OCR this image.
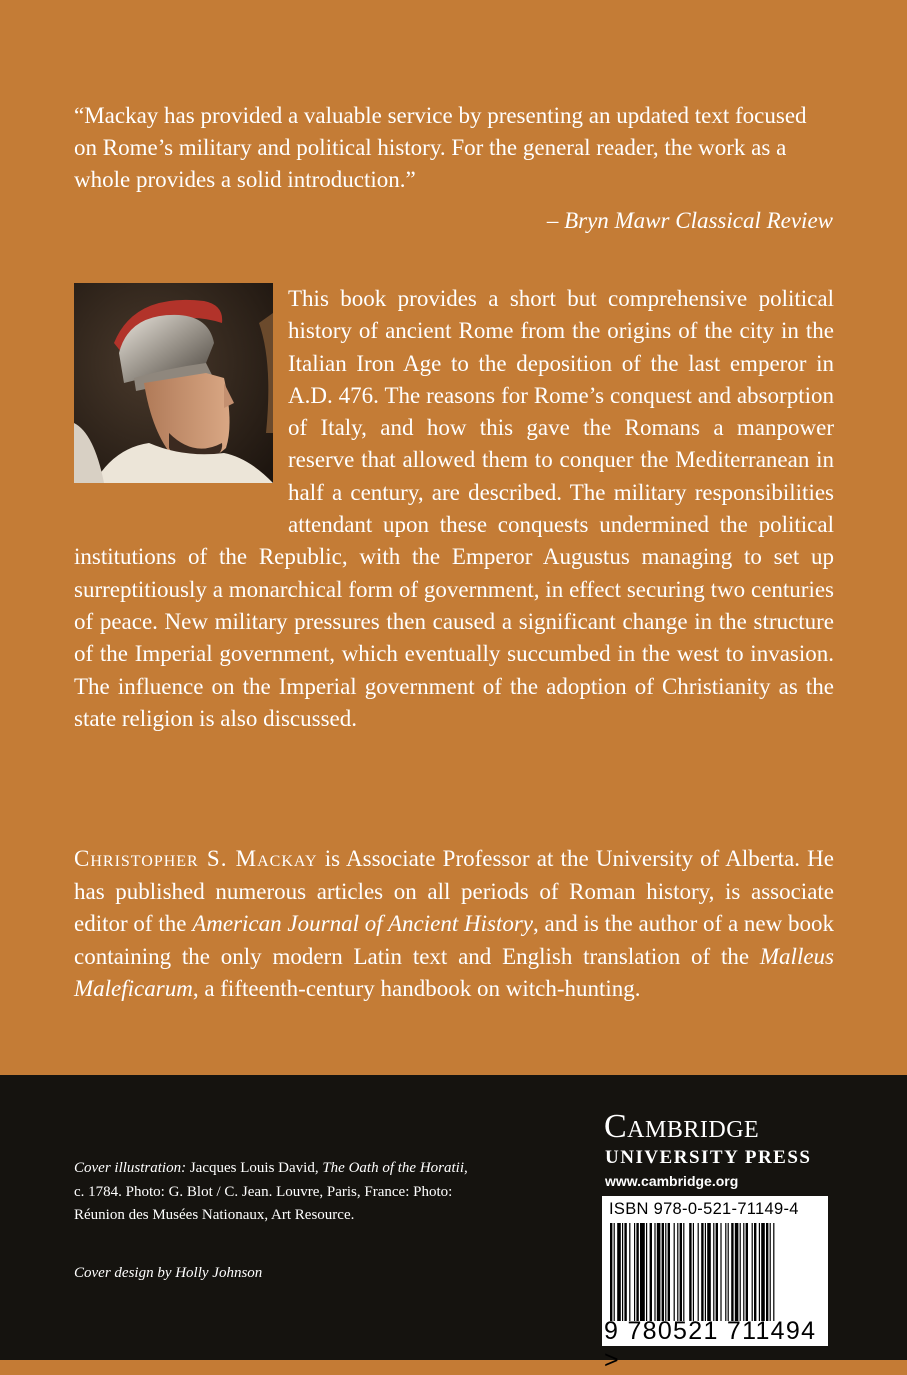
“Mackay has provided a valuable service by presenting an updated text focused on Rome’s military and political history. For the general reader, the work as a whole provides a solid introduction.”
– Bryn Mawr Classical Review
This book provides a short but comprehensive political history of ancient Rome from the origins of the city in the Italian Iron Age to the deposition of the last emperor in A.D. 476. The reasons for Rome’s conquest and absorption of Italy, and how this gave the Romans a manpower reserve that allowed them to conquer the Mediterranean in half a century, are described. The military responsibilities attendant upon these conquests undermined the political institutions of the Republic, with the Emperor Augustus managing to set up surreptitiously a monarchical form of government, in effect securing two centuries of peace. New military pressures then caused a significant change in the structure of the Imperial government, which eventually succumbed in the west to invasion. The influence on the Imperial government of the adoption of Christianity as the state religion is also discussed.
Christopher S. Mackay is Associate Professor at the University of Alberta. He has published numerous articles on all periods of Roman history, is associate editor of the American Journal of Ancient History, and is the author of a new book containing the only modern Latin text and English translation of the Malleus Maleficarum, a fifteenth-century handbook on witch-hunting.
Cover illustration: Jacques Louis David, The Oath of the Horatii, c. 1784. Photo: G. Blot / C. Jean. Louvre, Paris, France: Photo: Réunion des Musées Nationaux, Art Resource.
Cover design by Holly Johnson
Cambridge
UNIVERSITY PRESS
www.cambridge.org
ISBN 978-0-521-71149-4
9 780521 711494 >
